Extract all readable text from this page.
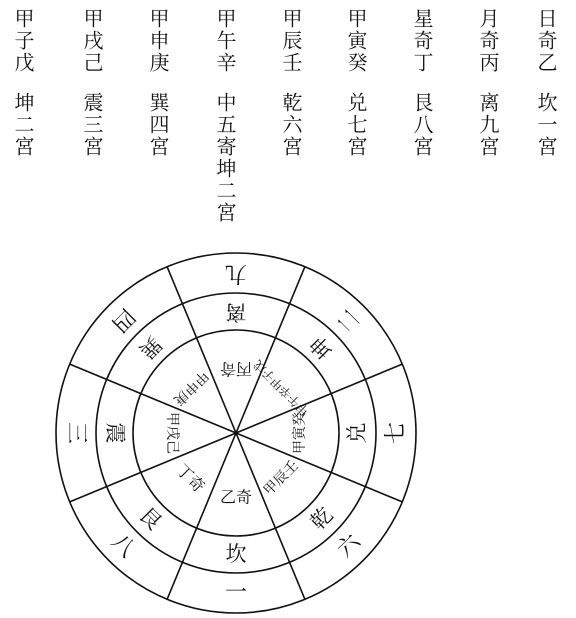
日奇乙
坎一宮
月奇丙
离九宮
星奇丁
艮八宮
甲寅癸
兑七宮
甲辰壬
乾六宮
甲午辛
中五寄坤二宮
甲申庚
巽四宮
甲戌己
震三宮
甲子戊
坤二宮
九
二
七
六
一
八
三
四	离
坤
兑
乾
坎
艮
震
巽
丙奇
甲午辛甲子戊
甲寅癸
甲辰壬
乙奇
丁奇
甲戌己
甲申庚
